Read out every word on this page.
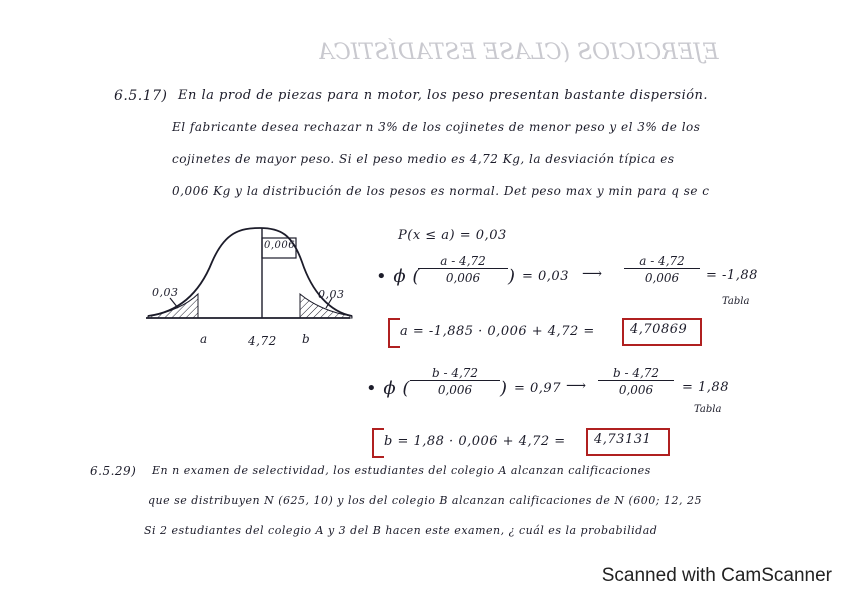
EJERCICIOS (CLASE ESTADÍSTICA
6.5.17) En la prod de piezas para n motor, los peso presentan bastante dispersión.
El fabricante desea rechazar n 3% de los cojinetes de menor peso y el 3% de los
cojinetes de mayor peso. Si el peso medio es 4,72 Kg, la desviación típica es
0,006 Kg y la distribución de los pesos es normal. Det peso max y min para q se c
0,006
0,03	0,03
a	4,72 b
P(x ≤ a) = 0,03
• ϕ (
$\frac{a - 4,72}{0,006}$ ) = 0,03 ⟶ $\frac{a - 4,72}{0,006} = -1,88$
Tabla
a = -1,885 · 0,006 + 4,72 =	4,70869
• ϕ ( $\frac{b - 4,72}{0,006}$ ) = 0,97 ⟶ $\frac{b - 4,72}{0,006} = 1,88$
Tabla
b = 1,88 · 0,006 + 4,72 = 4,73131
6.5.29) En n examen de selectividad, los estudiantes del colegio A alcanzan calificaciones
que se distribuyen N (625, 10) y los del colegio B alcanzan calificaciones de N (600; 12, 25
Si 2 estudiantes del colegio A y 3 del B hacen este examen, ¿ cuál es la probabilidad
Scanned with CamScanner
